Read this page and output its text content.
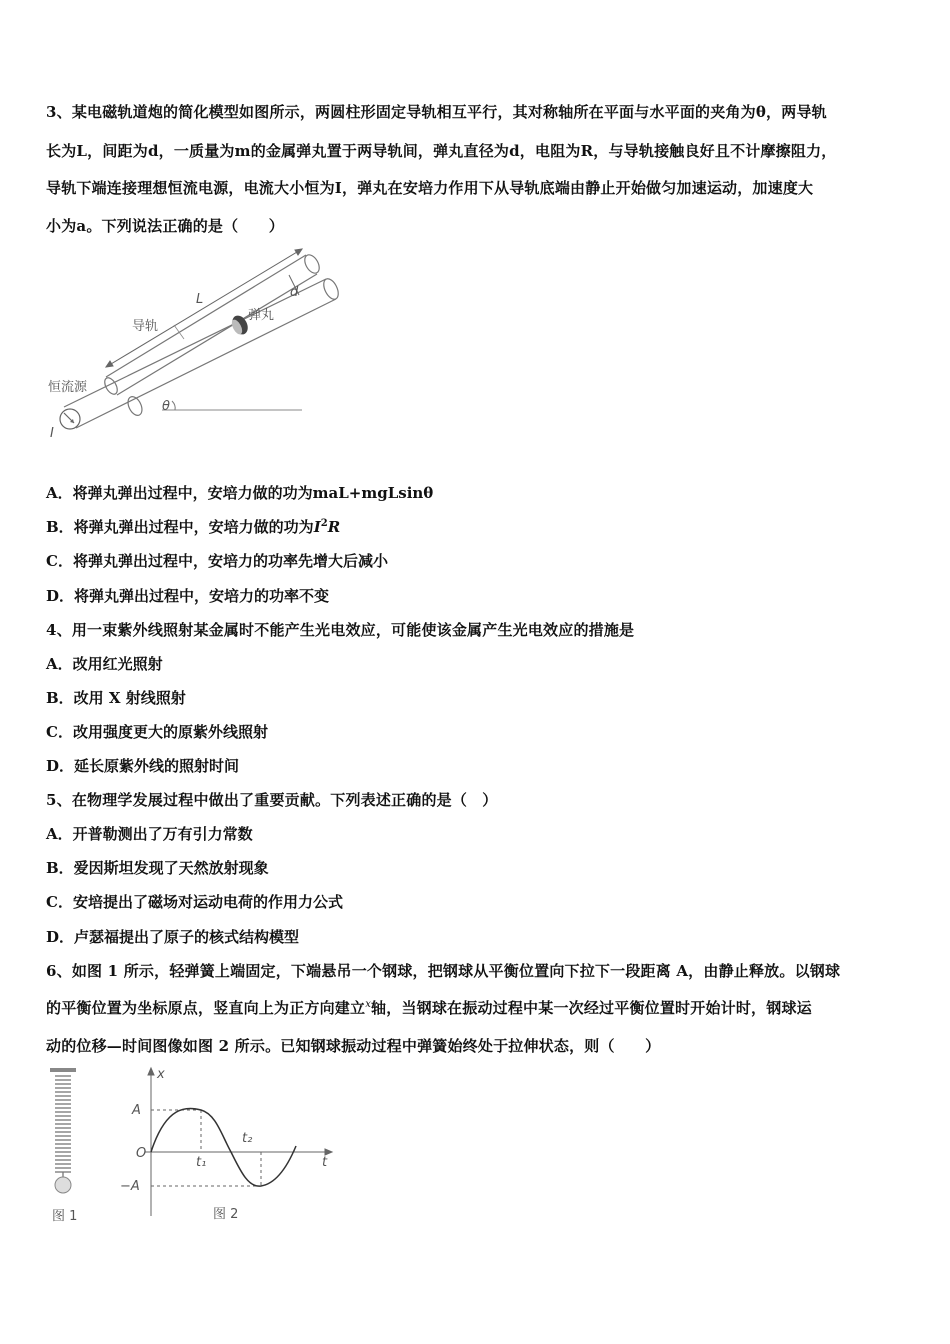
3、某电磁轨道炮的简化模型如图所示，两圆柱形固定导轨相互平行，其对称轴所在平面与水平面的夹角为θ，两导轨
长为L，间距为d，一质量为m的金属弹丸置于两导轨间，弹丸直径为d，电阻为R，与导轨接触良好且不计摩擦阻力，
导轨下端连接理想恒流电源，电流大小恒为I，弹丸在安培力作用下从导轨底端由静止开始做匀加速运动，加速度大
小为a。下列说法正确的是（　　）
L	d
导轨
弹丸
恒流源
θ
I
A．将弹丸弹出过程中，安培力做的功为maL+mgLsinθ
B．将弹丸弹出过程中，安培力做的功为$I^2R$
C．将弹丸弹出过程中，安培力的功率先增大后减小
D．将弹丸弹出过程中，安培力的功率不变
4、用一束紫外线照射某金属时不能产生光电效应，可能使该金属产生光电效应的措施是
A．改用红光照射
B．改用 X 射线照射
C．改用强度更大的原紫外线照射
D．延长原紫外线的照射时间
5、在物理学发展过程中做出了重要贡献。下列表述正确的是（　）
A．开普勒测出了万有引力常数
B．爱因斯坦发现了天然放射现象
C．安培提出了磁场对运动电荷的作用力公式
D．卢瑟福提出了原子的核式结构模型
6、如图 1 所示，轻弹簧上端固定，下端悬吊一个钢球，把钢球从平衡位置向下拉下一段距离 A，由静止释放。以钢球
的平衡位置为坐标原点，竖直向上为正方向建立$^x$轴，当钢球在振动过程中某一次经过平衡位置时开始计时，钢球运
动的位移—时间图像如图 2 所示。已知钢球振动过程中弹簧始终处于拉伸状态，则（　　）
图 1
x
t
O
A
−A
t₁
t₂
图 2
